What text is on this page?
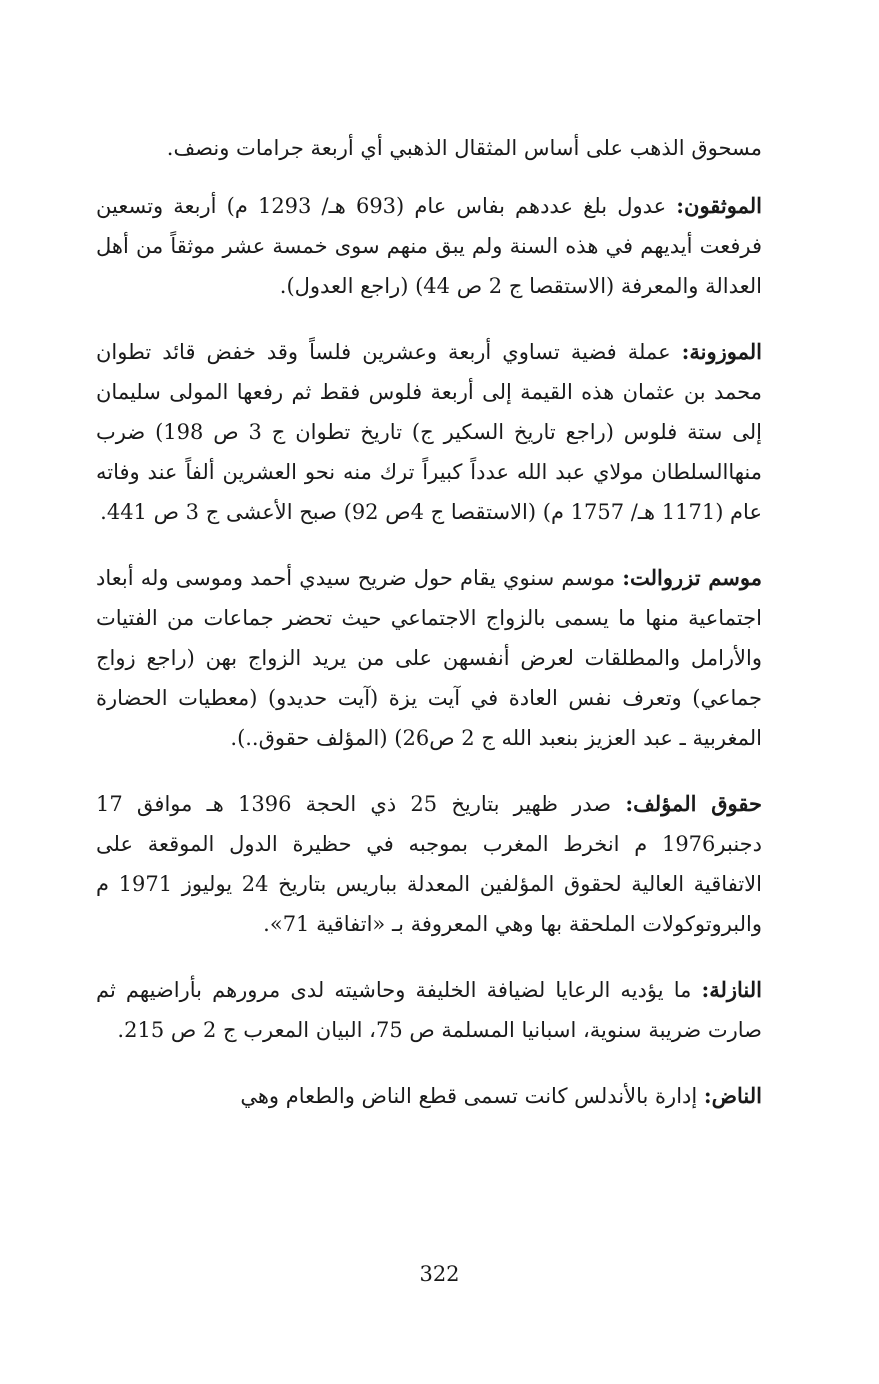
مسحوق الذهب على أساس المثقال الذهبي أي أربعة جرامات ونصف.

الموثقون: عدول بلغ عددهم بفاس عام (693 هـ/ 1293 م) أربعة وتسعين فرفعت أيديهم في هذه السنة ولم يبق منهم سوى خمسة عشر موثقاً من أهل العدالة والمعرفة (الاستقصا ج 2 ص 44) (راجع العدول).

الموزونة: عملة فضية تساوي أربعة وعشرين فلساً وقد خفض قائد تطوان محمد بن عثمان هذه القيمة إلى أربعة فلوس فقط ثم رفعها المولى سليمان إلى ستة فلوس (راجع تاريخ السكير ج) تاريخ تطوان ج 3 ص 198) ضرب منهاالسلطان مولاي عبد الله عدداً كبيراً ترك منه نحو العشرين ألفاً عند وفاته عام (1171 هـ/ 1757 م) (الاستقصا ج 4ص 92) صبح الأعشى ج 3 ص 441.

موسم تزروالت: موسم سنوي يقام حول ضريح سيدي أحمد وموسى وله أبعاد اجتماعية منها ما يسمى بالزواج الاجتماعي حيث تحضر جماعات من الفتيات والأرامل والمطلقات لعرض أنفسهن على من يريد الزواج بهن (راجع زواج جماعي) وتعرف نفس العادة في آيت يزة (آيت حديدو) (معطيات الحضارة المغربية ـ عبد العزيز بنعبد الله ج 2 ص26) (المؤلف حقوق..).

حقوق المؤلف: صدر ظهير بتاريخ 25 ذي الحجة 1396 هـ موافق 17 دجنبر1976 م انخرط المغرب بموجبه في حظيرة الدول الموقعة على الاتفاقية العالية لحقوق المؤلفين المعدلة بباريس بتاريخ 24 يوليوز 1971 م والبروتوكولات الملحقة بها وهي المعروفة بـ «اتفاقية 71».

النازلة: ما يؤديه الرعايا لضيافة الخليفة وحاشيته لدى مرورهم بأراضيهم ثم صارت ضريبة سنوية، اسبانيا المسلمة ص 75، البيان المعرب ج 2 ص 215.

الناض: إدارة بالأندلس كانت تسمى قطع الناض والطعام وهي

322
